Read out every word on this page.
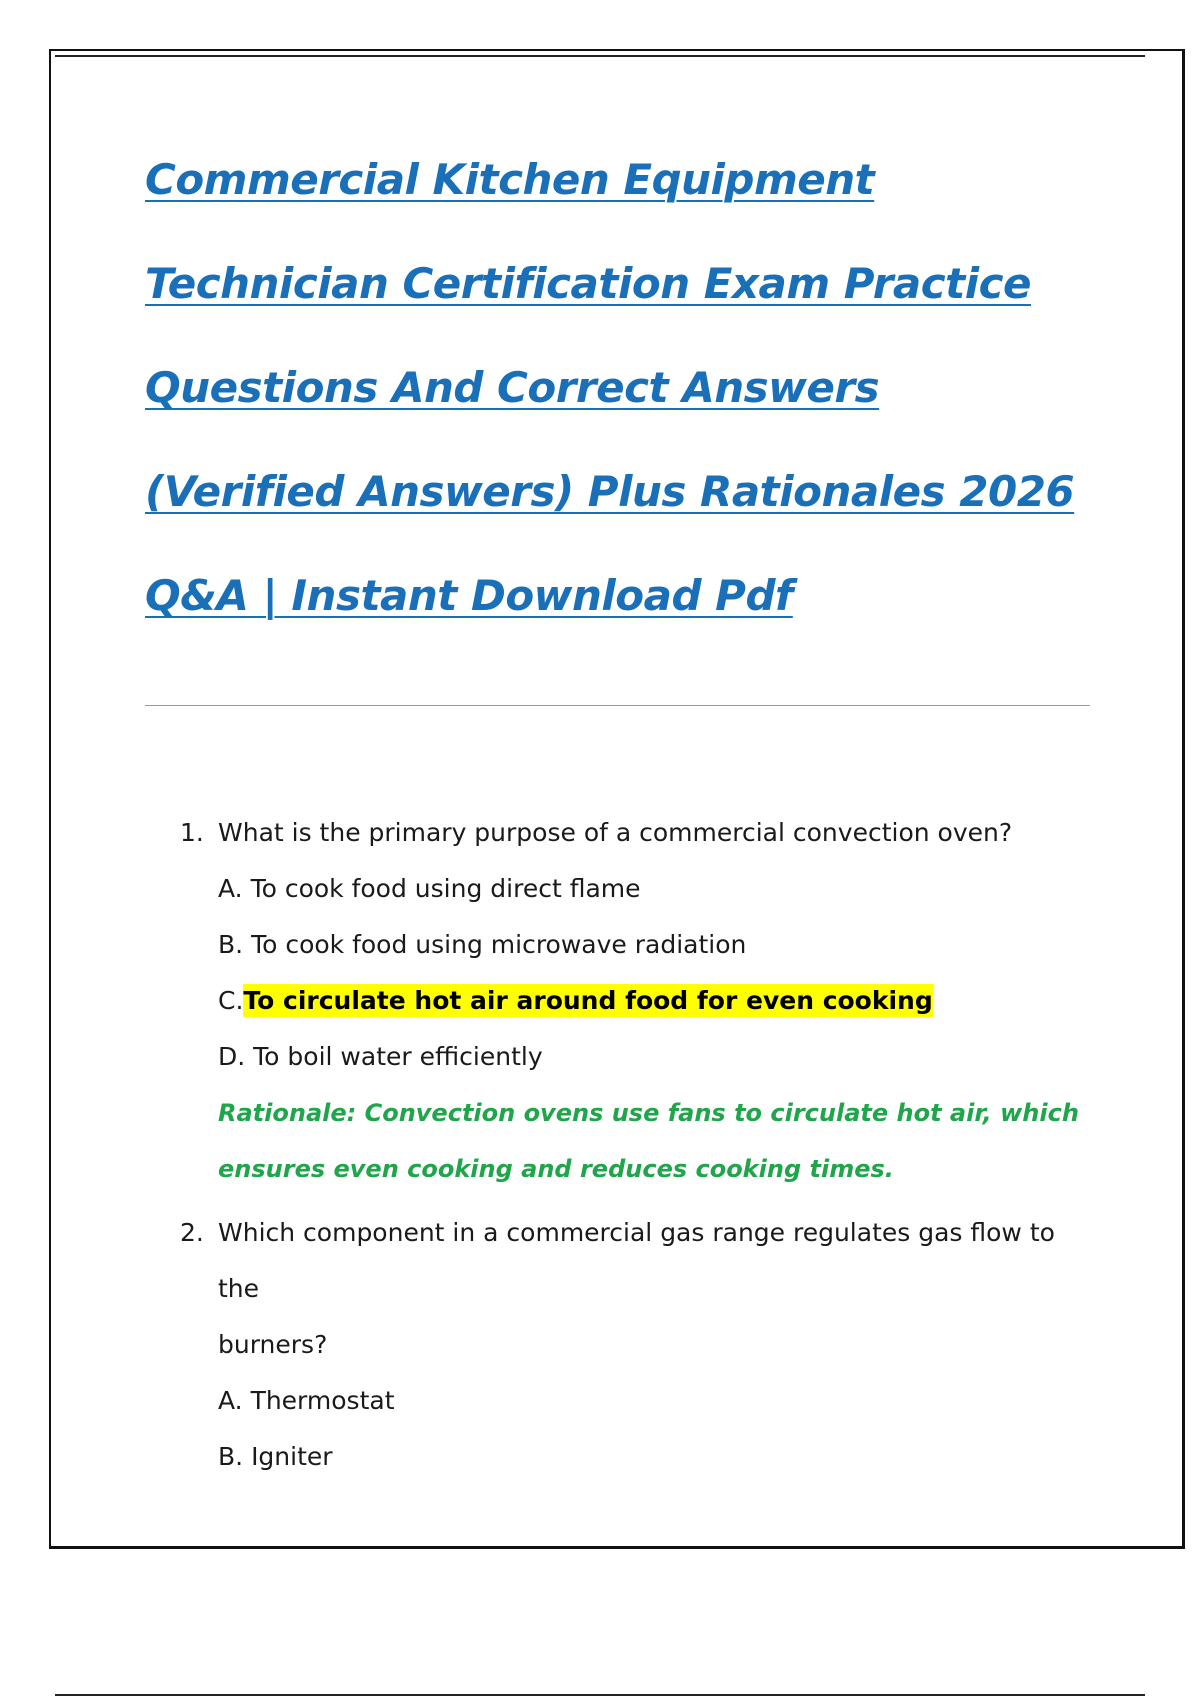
Commercial Kitchen Equipment
Technician Certification Exam Practice
Questions And Correct Answers
(Verified Answers) Plus Rationales 2026
Q&A | Instant Download Pdf
1. What is the primary purpose of a commercial convection oven?
A. To cook food using direct flame
B. To cook food using microwave radiation
C.To circulate hot air around food for even cooking
D. To boil water efficiently
Rationale: Convection ovens use fans to circulate hot air, which
ensures even cooking and reduces cooking times.
2. Which component in a commercial gas range regulates gas flow to the
burners?
A. Thermostat
B. Igniter
